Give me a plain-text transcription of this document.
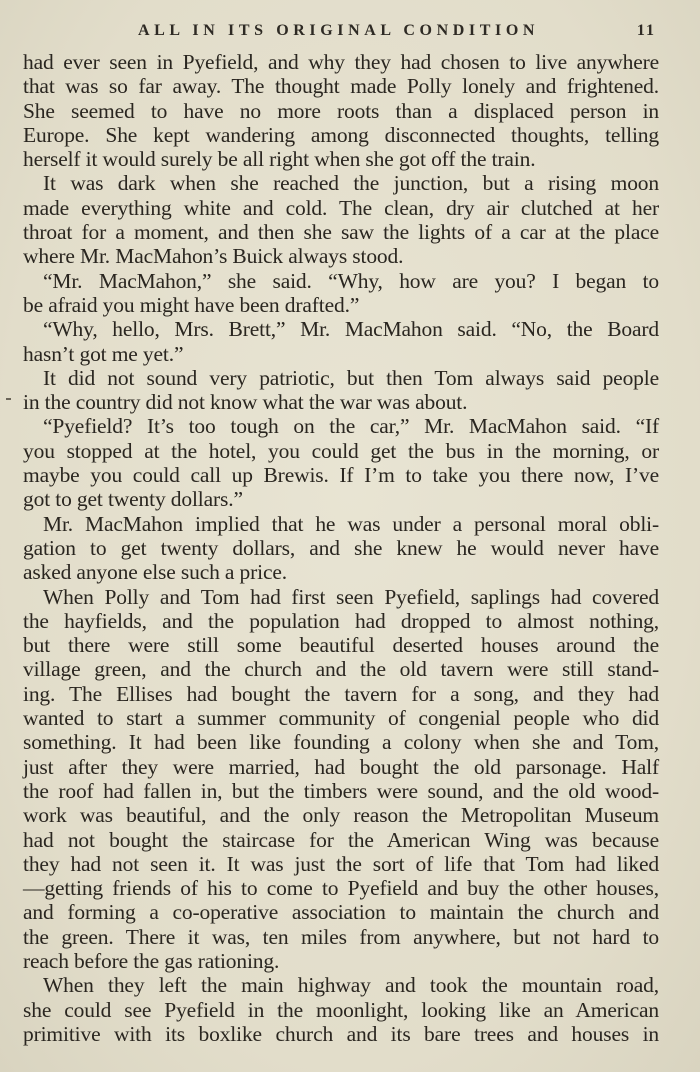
ALL IN ITS ORIGINAL CONDITION	11
had ever seen in Pyefield, and why they had chosen to live anywhere
that was so far away. The thought made Polly lonely and frightened.
She seemed to have no more roots than a displaced person in
Europe. She kept wandering among disconnected thoughts, telling
herself it would surely be all right when she got off the train.
It was dark when she reached the junction, but a rising moon
made everything white and cold. The clean, dry air clutched at her
throat for a moment, and then she saw the lights of a car at the place
where Mr. MacMahon’s Buick always stood.
“Mr. MacMahon,” she said. “Why, how are you? I began to
be afraid you might have been drafted.”
“Why, hello, Mrs. Brett,” Mr. MacMahon said. “No, the Board
hasn’t got me yet.”
It did not sound very patriotic, but then Tom always said people
in the country did not know what the war was about.
“Pyefield? It’s too tough on the car,” Mr. MacMahon said. “If
you stopped at the hotel, you could get the bus in the morning, or
maybe you could call up Brewis. If I’m to take you there now, I’ve
got to get twenty dollars.”
Mr. MacMahon implied that he was under a personal moral obli-
gation to get twenty dollars, and she knew he would never have
asked anyone else such a price.
When Polly and Tom had first seen Pyefield, saplings had covered
the hayfields, and the population had dropped to almost nothing,
but there were still some beautiful deserted houses around the
village green, and the church and the old tavern were still stand-
ing. The Ellises had bought the tavern for a song, and they had
wanted to start a summer community of congenial people who did
something. It had been like founding a colony when she and Tom,
just after they were married, had bought the old parsonage. Half
the roof had fallen in, but the timbers were sound, and the old wood-
work was beautiful, and the only reason the Metropolitan Museum
had not bought the staircase for the American Wing was because
they had not seen it. It was just the sort of life that Tom had liked
—getting friends of his to come to Pyefield and buy the other houses,
and forming a co-operative association to maintain the church and
the green. There it was, ten miles from anywhere, but not hard to
reach before the gas rationing.
When they left the main highway and took the mountain road,
she could see Pyefield in the moonlight, looking like an American
primitive with its boxlike church and its bare trees and houses in
